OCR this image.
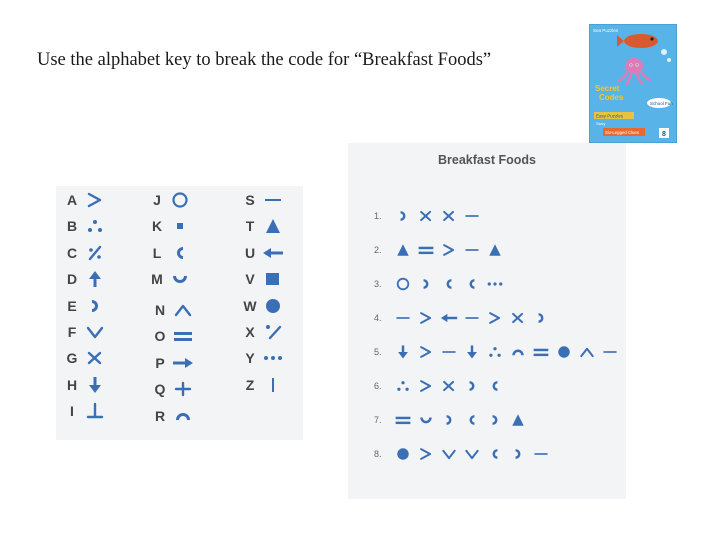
Use the alphabet key to break the code for “Breakfast Foods”
Sea Puzzles
Secret
Codes
School Fun
Easy Puzzles
Story
Six-Legged Clues	8
A
B
C
D
E
F
G
H
I
J
K
L
M
N
O
P
Q
R
S
T
U
V
W
X
Y
Z
Breakfast Foods
1.
2.
3.
4.
5.
6.
7.
8.
